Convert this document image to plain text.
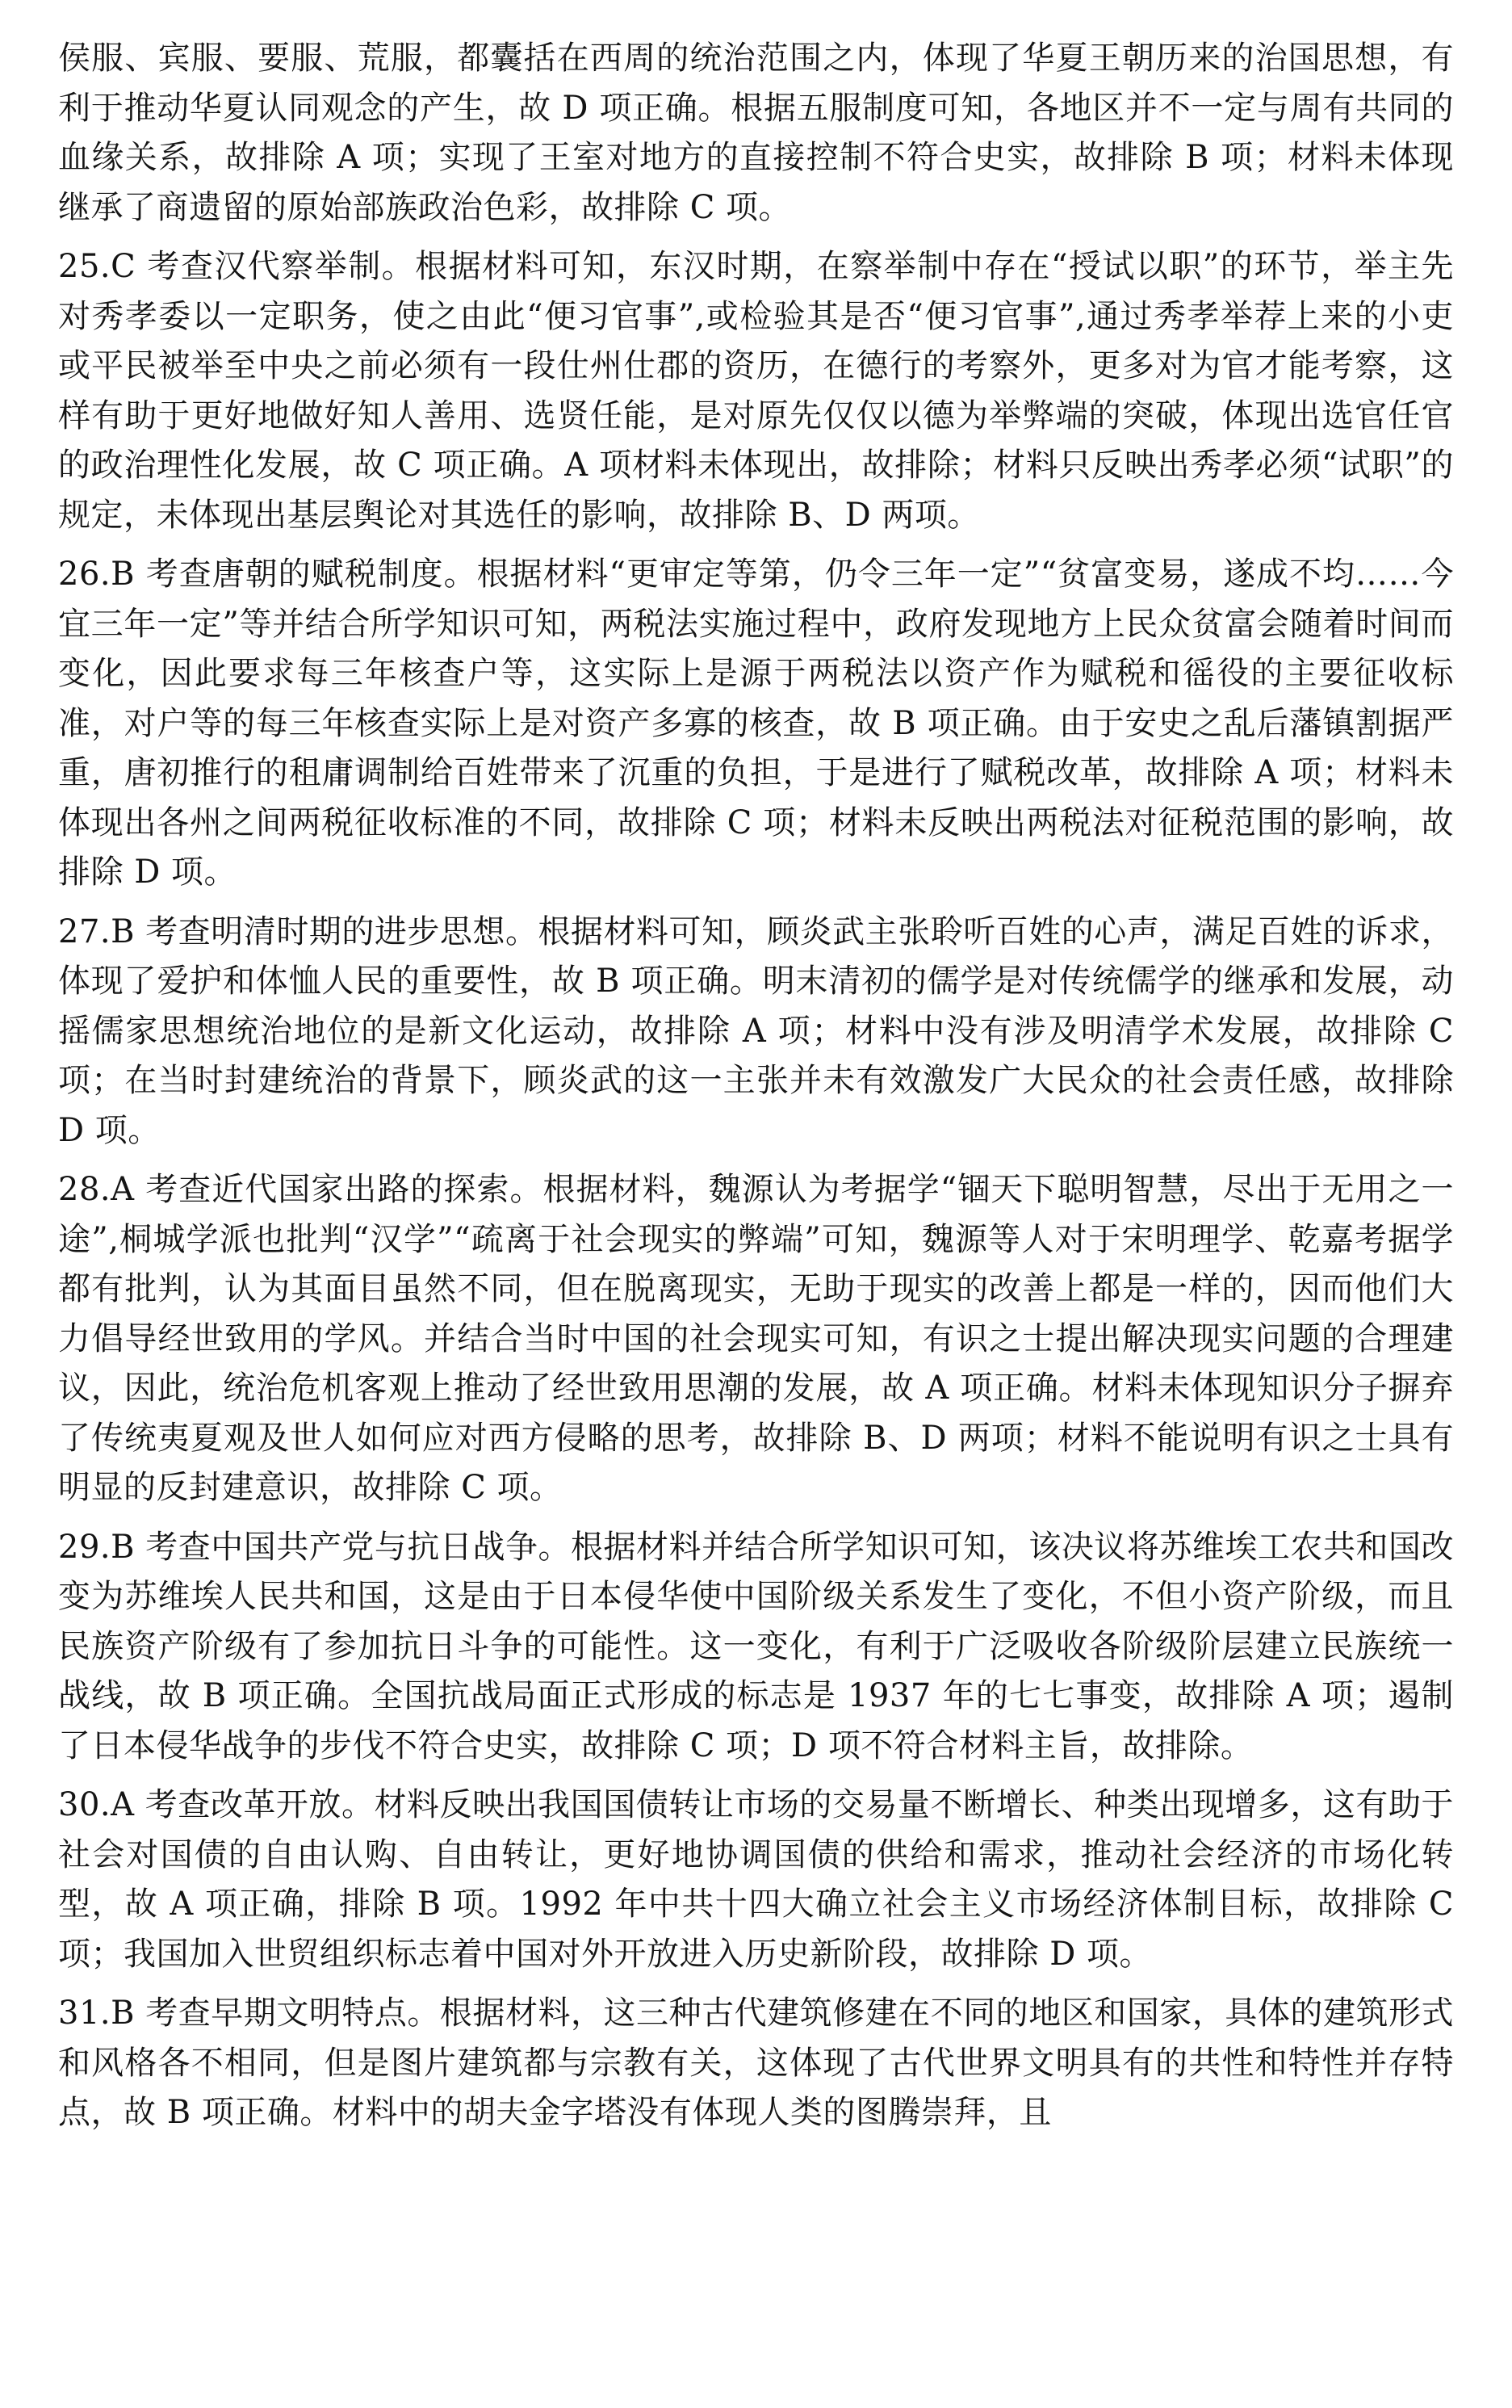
侯服、宾服、要服、荒服，都囊括在西周的统治范围之内，体现了华夏王朝历来的治国思想，有利于推动华夏认同观念的产生，故 D 项正确。根据五服制度可知，各地区并不一定与周有共同的血缘关系，故排除 A 项；实现了王室对地方的直接控制不符合史实，故排除 B 项；材料未体现继承了商遗留的原始部族政治色彩，故排除 C 项。

25.C 考查汉代察举制。根据材料可知，东汉时期，在察举制中存在“授试以职”的环节，举主先对秀孝委以一定职务，使之由此“便习官事”,或检验其是否“便习官事”,通过秀孝举荐上来的小吏或平民被举至中央之前必须有一段仕州仕郡的资历，在德行的考察外，更多对为官才能考察，这样有助于更好地做好知人善用、选贤任能，是对原先仅仅以德为举弊端的突破，体现出选官任官的政治理性化发展，故 C 项正确。A 项材料未体现出，故排除；材料只反映出秀孝必须“试职”的规定，未体现出基层舆论对其选任的影响，故排除 B、D 两项。

26.B 考查唐朝的赋税制度。根据材料“更审定等第，仍令三年一定”“贫富变易，遂成不均……今宜三年一定”等并结合所学知识可知，两税法实施过程中，政府发现地方上民众贫富会随着时间而变化，因此要求每三年核查户等，这实际上是源于两税法以资产作为赋税和徭役的主要征收标准，对户等的每三年核查实际上是对资产多寡的核查，故 B 项正确。由于安史之乱后藩镇割据严重，唐初推行的租庸调制给百姓带来了沉重的负担，于是进行了赋税改革，故排除 A 项；材料未体现出各州之间两税征收标准的不同，故排除 C 项；材料未反映出两税法对征税范围的影响，故排除 D 项。

27.B 考查明清时期的进步思想。根据材料可知，顾炎武主张聆听百姓的心声，满足百姓的诉求，体现了爱护和体恤人民的重要性，故 B 项正确。明末清初的儒学是对传统儒学的继承和发展，动摇儒家思想统治地位的是新文化运动，故排除 A 项；材料中没有涉及明清学术发展，故排除 C 项；在当时封建统治的背景下，顾炎武的这一主张并未有效激发广大民众的社会责任感，故排除 D 项。

28.A 考查近代国家出路的探索。根据材料，魏源认为考据学“锢天下聪明智慧，尽出于无用之一途”,桐城学派也批判“汉学”“疏离于社会现实的弊端”可知，魏源等人对于宋明理学、乾嘉考据学都有批判，认为其面目虽然不同，但在脱离现实，无助于现实的改善上都是一样的，因而他们大力倡导经世致用的学风。并结合当时中国的社会现实可知，有识之士提出解决现实问题的合理建议，因此，统治危机客观上推动了经世致用思潮的发展，故 A 项正确。材料未体现知识分子摒弃了传统夷夏观及世人如何应对西方侵略的思考，故排除 B、D 两项；材料不能说明有识之士具有明显的反封建意识，故排除 C 项。

29.B 考查中国共产党与抗日战争。根据材料并结合所学知识可知，该决议将苏维埃工农共和国改变为苏维埃人民共和国，这是由于日本侵华使中国阶级关系发生了变化，不但小资产阶级，而且民族资产阶级有了参加抗日斗争的可能性。这一变化，有利于广泛吸收各阶级阶层建立民族统一战线，故 B 项正确。全国抗战局面正式形成的标志是 1937 年的七七事变，故排除 A 项；遏制了日本侵华战争的步伐不符合史实，故排除 C 项；D 项不符合材料主旨，故排除。

30.A 考查改革开放。材料反映出我国国债转让市场的交易量不断增长、种类出现增多，这有助于社会对国债的自由认购、自由转让，更好地协调国债的供给和需求，推动社会经济的市场化转型，故 A 项正确，排除 B 项。1992 年中共十四大确立社会主义市场经济体制目标，故排除 C 项；我国加入世贸组织标志着中国对外开放进入历史新阶段，故排除 D 项。

31.B 考查早期文明特点。根据材料，这三种古代建筑修建在不同的地区和国家，具体的建筑形式和风格各不相同，但是图片建筑都与宗教有关，这体现了古代世界文明具有的共性和特性并存特点，故 B 项正确。材料中的胡夫金字塔没有体现人类的图腾崇拜，且
